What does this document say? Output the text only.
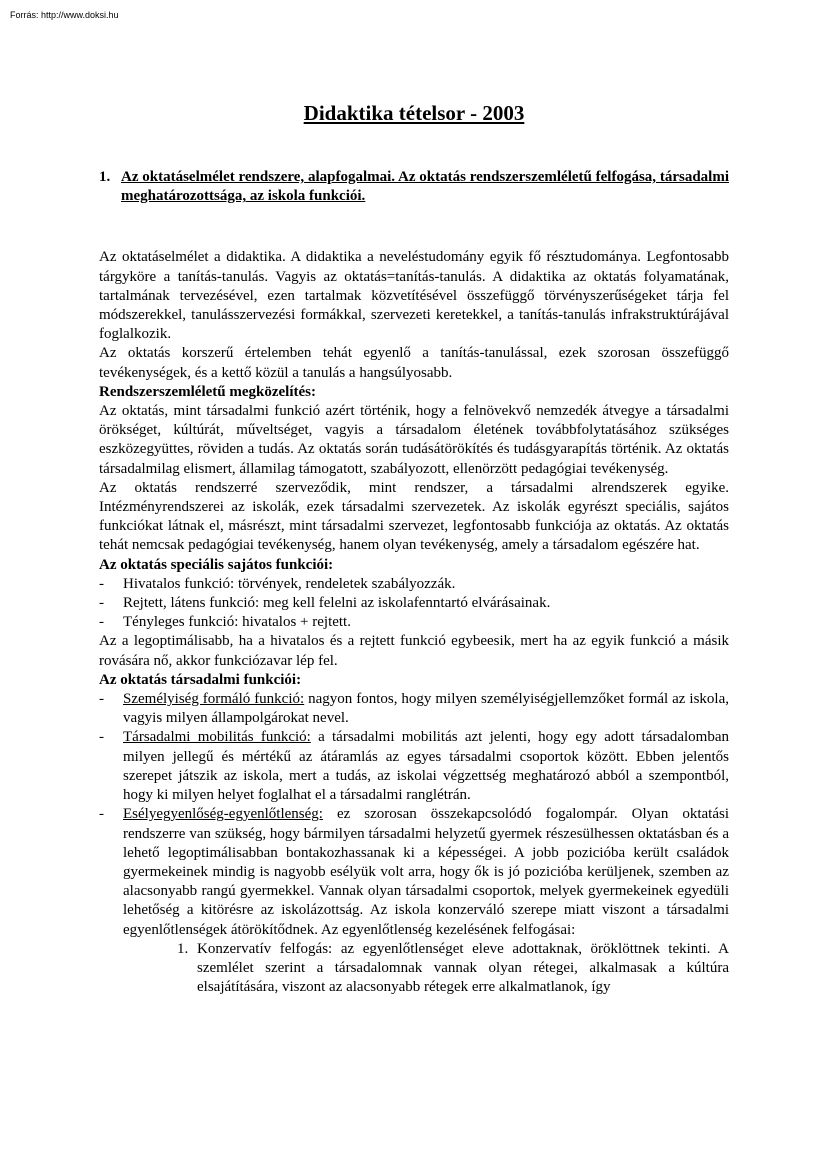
Forrás: http://www.doksi.hu
Didaktika tételsor - 2003
1. Az oktatáselmélet rendszere, alapfogalmai. Az oktatás rendszerszemléletű felfogása, társadalmi meghatározottsága, az iskola funkciói.

Az oktatáselmélet a didaktika. A didaktika a neveléstudomány egyik fő résztudománya. Legfontosabb tárgyköre a tanítás-tanulás. Vagyis az oktatás=tanítás-tanulás. A didaktika az oktatás folyamatának, tartalmának tervezésével, ezen tartalmak közvetítésével összefüggő törvényszerűségeket tárja fel módszerekkel, tanulásszervezési formákkal, szervezeti keretekkel, a tanítás-tanulás infrakstruktúrájával foglalkozik.

Az oktatás korszerű értelemben tehát egyenlő a tanítás-tanulással, ezek szorosan összefüggő tevékenységek, és a kettő közül a tanulás a hangsúlyosabb.

Rendszerszemléletű megközelítés:

Az oktatás, mint társadalmi funkció azért történik, hogy a felnövekvő nemzedék átvegye a társadalmi örökséget, kúltúrát, műveltséget, vagyis a társadalom életének továbbfolytatásához szükséges eszközegyüttes, röviden a tudás. Az oktatás során tudásátörökítés és tudásgyarapítás történik. Az oktatás társadalmilag elismert, államilag támogatott, szabályozott, ellenörzött pedagógiai tevékenység.

Az oktatás rendszerré szerveződik, mint rendszer, a társadalmi alrendszerek egyike. Intézményrendszerei az iskolák, ezek társadalmi szervezetek. Az iskolák egyrészt speciális, sajátos funkciókat látnak el, másrészt, mint társadalmi szervezet, legfontosabb funkciója az oktatás. Az oktatás tehát nemcsak pedagógiai tevékenység, hanem olyan tevékenység, amely a társadalom egészére hat.

Az oktatás speciális sajátos funkciói:
-	Hivatalos funkció: törvények, rendeletek szabályozzák.
-	Rejtett, látens funkció: meg kell felelni az iskolafenntartó elvárásainak.
-	Tényleges funkció: hivatalos + rejtett.

Az a legoptimálisabb, ha a hivatalos és a rejtett funkció egybeesik, mert ha az egyik funkció a másik rovására nő, akkor funkciózavar lép fel.

Az oktatás társadalmi funkciói:
-	Személyiség formáló funkció: nagyon fontos, hogy milyen személyiségjellemzőket formál az iskola, vagyis milyen állampolgárokat nevel.
-	Társadalmi mobilitás funkció: a társadalmi mobilitás azt jelenti, hogy egy adott társadalomban milyen jellegű és mértékű az átáramlás az egyes társadalmi csoportok között. Ebben jelentős szerepet játszik az iskola, mert a tudás, az iskolai végzettség meghatározó abból a szempontból, hogy ki milyen helyet foglalhat el a társadalmi ranglétrán.
-	Esélyegyenlőség-egyenlőtlenség: ez szorosan összekapcsolódó fogalompár. Olyan oktatási rendszerre van szükség, hogy bármilyen társadalmi helyzetű gyermek részesülhessen oktatásban és a lehető legoptimálisabban bontakozhassanak ki a képességei. A jobb pozicióba került családok gyermekeinek mindig is nagyobb esélyük volt arra, hogy ők is jó pozicióba kerüljenek, szemben az alacsonyabb rangú gyermekkel. Vannak olyan társadalmi csoportok, melyek gyermekeinek egyedüli lehetőség a kitörésre az iskolázottság. Az iskola konzerváló szerepe miatt viszont a társadalmi egyenlőtlenségek átörökítődnek. Az egyenlőtlenség kezelésének felfogásai:
1. Konzervatív felfogás: az egyenlőtlenséget eleve adottaknak, öröklöttnek tekinti. A szemlélet szerint a társadalomnak vannak olyan rétegei, alkalmasak a kúltúra elsajátítására, viszont az alacsonyabb rétegek erre alkalmatlanok, így
